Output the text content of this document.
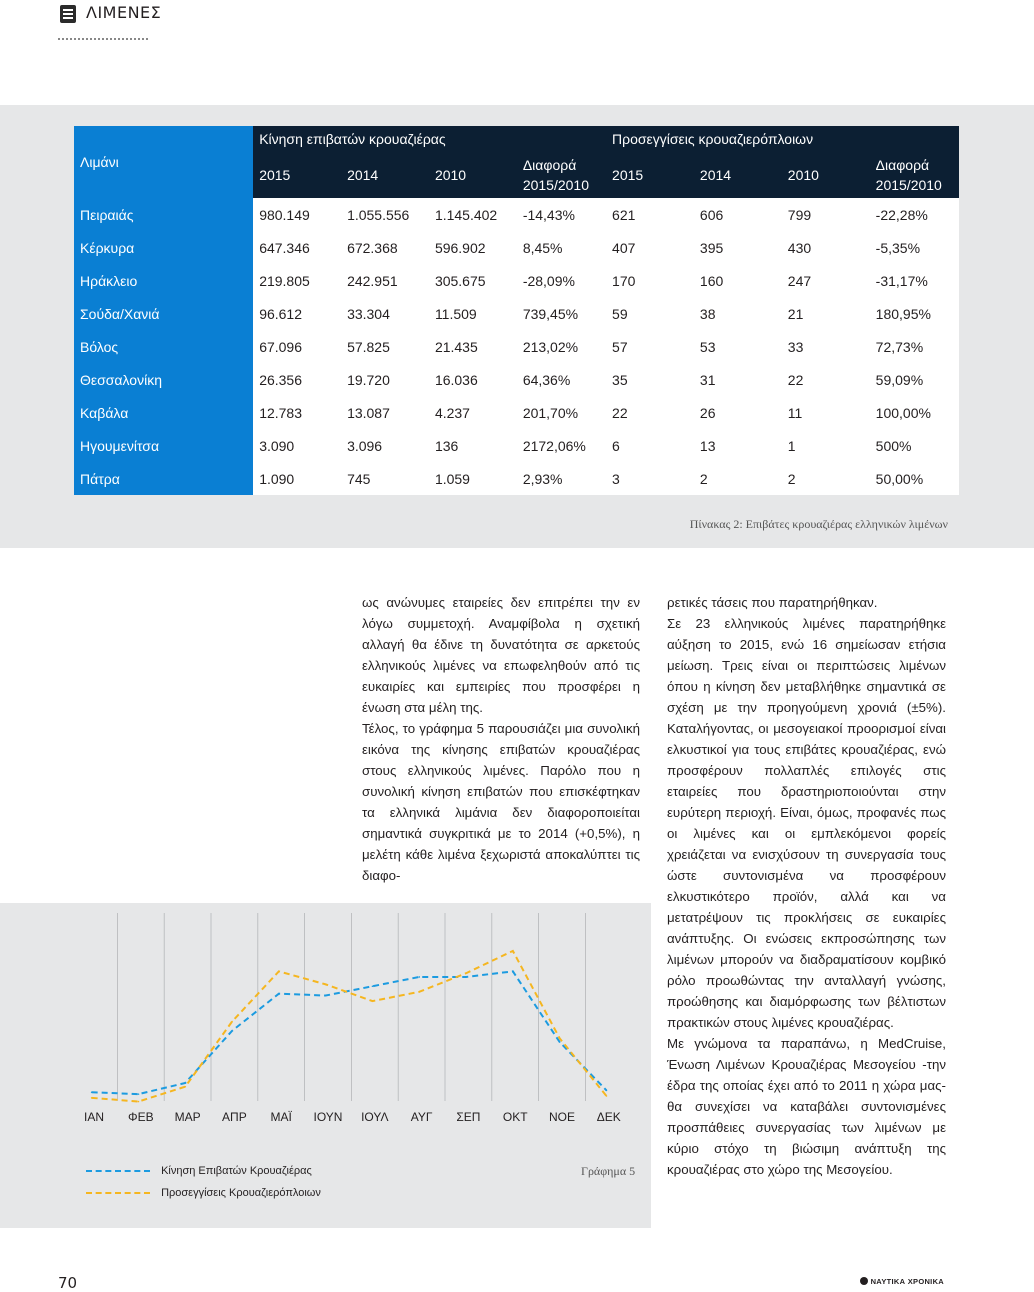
ΛΙΜΕΝΕΣ
Λιμάνι	Κίνηση επιβατών κρουαζιέρας				Προσεγγίσεις κρουαζιερόπλοιων			
	2015	2014	2010	Διαφορά 2015/2010	2015	2014	2010	Διαφορά 2015/2010
Πειραιάς	980.149	1.055.556	1.145.402	-14,43%	621	606	799	-22,28%
Κέρκυρα	647.346	672.368	596.902	8,45%	407	395	430	-5,35%
Ηράκλειο	219.805	242.951	305.675	-28,09%	170	160	247	-31,17%
Σούδα/Χανιά	96.612	33.304	11.509	739,45%	59	38	21	180,95%
Βόλος	67.096	57.825	21.435	213,02%	57	53	33	72,73%
Θεσσαλονίκη	26.356	19.720	16.036	64,36%	35	31	22	59,09%
Καβάλα	12.783	13.087	4.237	201,70%	22	26	11	100,00%
Ηγουμενίτσα	3.090	3.096	136	2172,06%	6	13	1	500%
Πάτρα	1.090	745	1.059	2,93%	3	2	2	50,00%
Πίνακας 2: Επιβάτες κρουαζιέρας ελληνικών λιμένων

ως ανώνυμες εταιρείες δεν επιτρέπει την εν λόγω συμμετοχή. Αναμφίβολα η σχετική αλλαγή θα έδινε τη δυνατότητα σε αρκετούς ελληνικούς λιμένες να επωφεληθούν από τις ευκαιρίες και εμπειρίες που προσφέρει η ένωση στα μέλη της.

Τέλος, το γράφημα 5 παρουσιάζει μια συνολική εικόνα της κίνησης επιβατών κρουαζιέρας στους ελληνικούς λιμένες. Παρόλο που η συνολική κίνηση επιβατών που επισκέφτηκαν τα ελληνικά λιμάνια δεν διαφοροποιείται σημαντικά συγκριτικά με το 2014 (+0,5%), η μελέτη κάθε λιμένα ξεχωριστά αποκαλύπτει τις διαφο-

ρετικές τάσεις που παρατηρήθηκαν.

Σε 23 ελληνικούς λιμένες παρατηρήθηκε αύξηση το 2015, ενώ 16 σημείωσαν ετήσια μείωση. Τρεις είναι οι περιπτώσεις λιμένων όπου η κίνηση δεν μεταβλήθηκε σημαντικά σε σχέση με την προηγούμενη χρονιά (±5%). Καταλήγοντας, οι μεσογειακοί προορισμοί είναι ελκυστικοί για τους επιβάτες κρουαζιέρας, ενώ προσφέρουν πολλαπλές επιλογές στις εταιρείες που δραστηριοποιούνται στην ευρύτερη περιοχή. Είναι, όμως, προφανές πως οι λιμένες και οι εμπλεκόμενοι φορείς χρειάζεται να ενισχύσουν τη συνεργασία τους ώστε συντονισμένα να προσφέρουν ελκυστικότερο προϊόν, αλλά και να μετατρέψουν τις προκλήσεις σε ευκαιρίες ανάπτυξης. Οι ενώσεις εκπροσώπησης των λιμένων μπορούν να διαδραματίσουν κομβικό ρόλο προωθώντας την ανταλλαγή γνώσης, προώθησης και διαμόρφωσης των βέλτιστων πρακτικών στους λιμένες κρουαζιέρας.

Με γνώμονα τα παραπάνω, η MedCruise, Ένωση Λιμένων Κρουαζιέρας Μεσογείου -την έδρα της οποίας έχει από το 2011 η χώρα μας- θα συνεχίσει να καταβάλει συντονισμένες προσπάθειες συνεργασίας των λιμένων με κύριο στόχο τη βιώσιμη ανάπτυξη της κρουαζιέρας στο χώρο της Μεσογείου.

ΙΑΝ ΦΕΒ ΜΑΡ ΑΠΡ ΜΑΪ ΙΟΥΝ ΙΟΥΛ ΑΥΓ ΣΕΠ ΟΚΤ ΝΟΕ ΔΕΚ
Κίνηση Επιβατών Κρουαζιέρας
Προσεγγίσεις Κρουαζιερόπλοιων
Γράφημα 5
70	ΝΑΥΤΙΚΑ ΧΡΟΝΙΚΑ
